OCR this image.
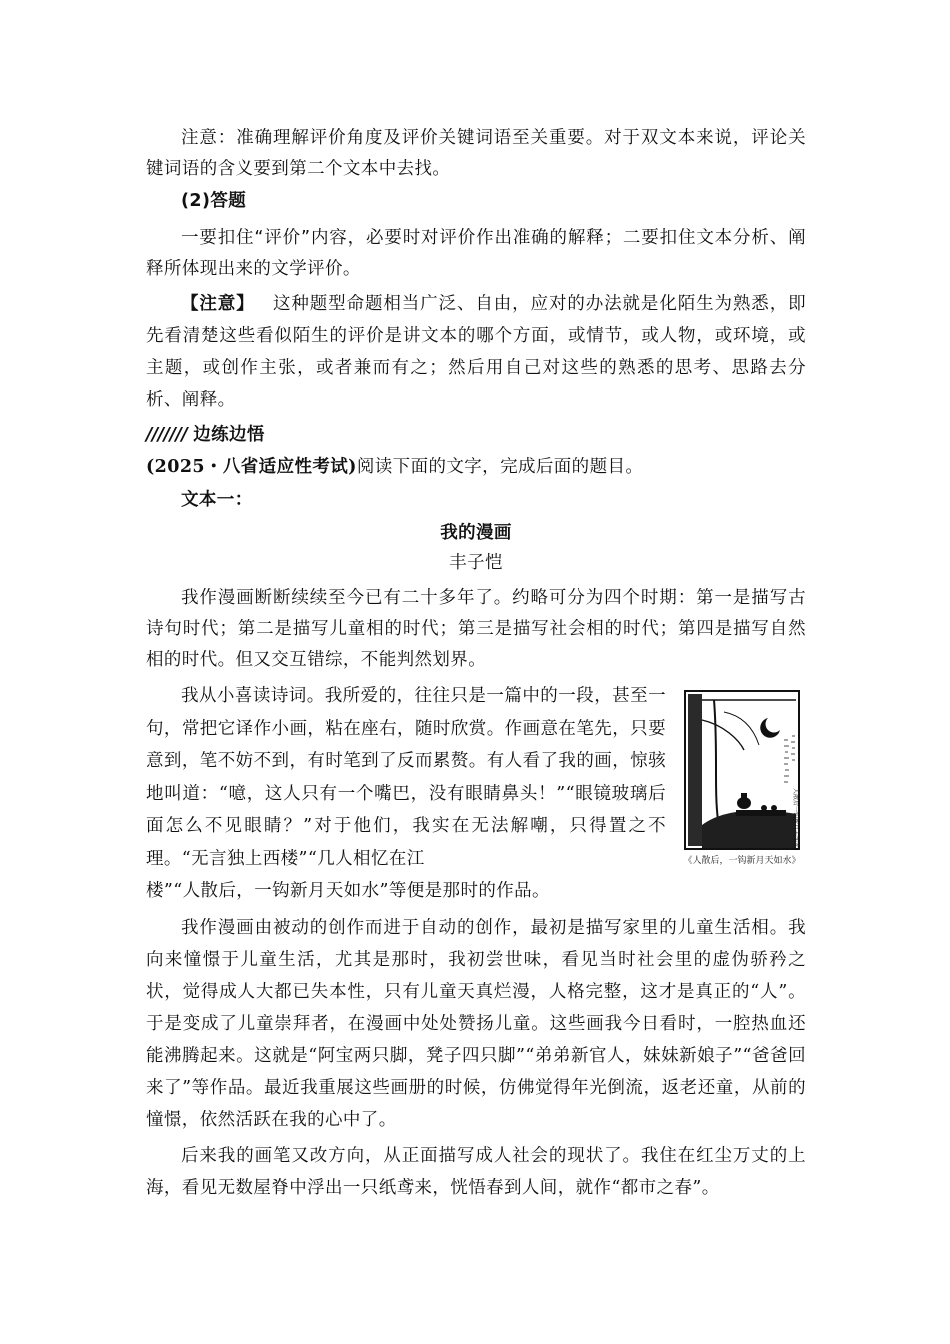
注意：准确理解评价角度及评价关键词语至关重要。对于双文本来说，评论关键词语的含义要到第二个文本中去找。

(2)答题

一要扣住“评价”内容，必要时对评价作出准确的解释；二要扣住文本分析、阐释所体现出来的文学评价。

【注意】  这种题型命题相当广泛、自由，应对的办法就是化陌生为熟悉，即先看清楚这些看似陌生的评价是讲文本的哪个方面，或情节，或人物，或环境，或主题，或创作主张，或者兼而有之；然后用自己对这些的熟悉的思考、思路去分析、阐释。

/////// 边练边悟

(2025・八省适应性考试)阅读下面的文字，完成后面的题目。

文本一：

我的漫画

丰子恺

我作漫画断断续续至今已有二十多年了。约略可分为四个时期：第一是描写古诗句时代；第二是描写儿童相的时代；第三是描写社会相的时代；第四是描写自然相的时代。但又交互错综，不能判然划界。

我从小喜读诗词。我所爱的，往往只是一篇中的一段，甚至一句，常把它译作小画，粘在座右，随时欣赏。作画意在笔先，只要意到，笔不妨不到，有时笔到了反而累赘。有人看了我的画，惊骇地叫道：“噫，这人只有一个嘴巴，没有眼睛鼻头！”“眼镜玻璃后面怎么不见眼睛？”对于他们，我实在无法解嘲，只得置之不理。“无言独上西楼”“几人相忆在江

楼”“人散后，一钩新月天如水”等便是那时的作品。

人散后一钩新月天如水
《人散后，一钩新月天如水》

我作漫画由被动的创作而进于自动的创作，最初是描写家里的儿童生活相。我向来憧憬于儿童生活，尤其是那时，我初尝世味，看见当时社会里的虚伪骄矜之状，觉得成人大都已失本性，只有儿童天真烂漫，人格完整，这才是真正的“人”。于是变成了儿童崇拜者，在漫画中处处赞扬儿童。这些画我今日看时，一腔热血还能沸腾起来。这就是“阿宝两只脚，凳子四只脚”“弟弟新官人，妹妹新娘子”“爸爸回来了”等作品。最近我重展这些画册的时候，仿佛觉得年光倒流，返老还童，从前的憧憬，依然活跃在我的心中了。

后来我的画笔又改方向，从正面描写成人社会的现状了。我住在红尘万丈的上海，看见无数屋脊中浮出一只纸鸢来，恍悟春到人间，就作“都市之春”。
